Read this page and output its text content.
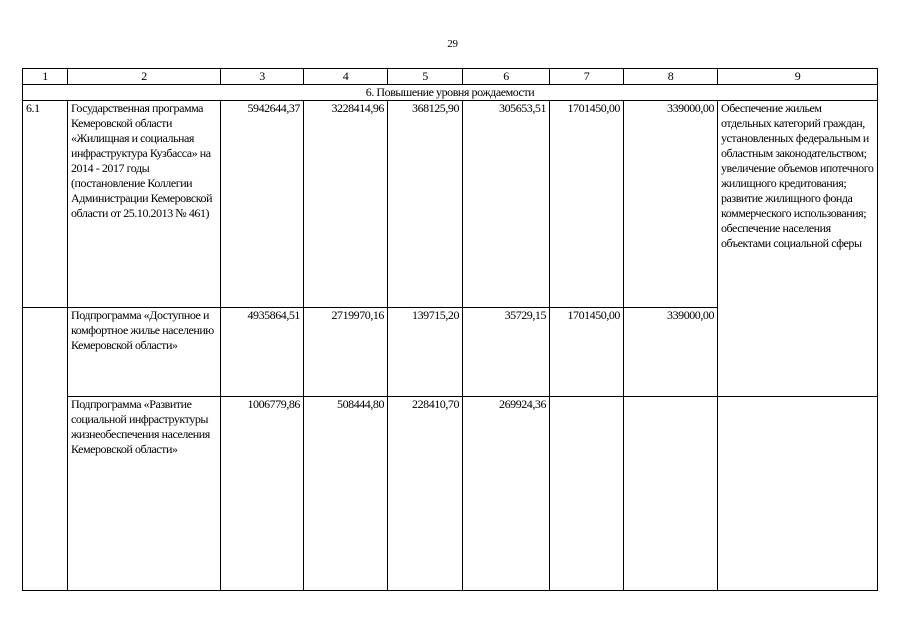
29
1	2	3	4	5	6	7	8	9
6. Повышение уровня рождаемости								
6.1	Государственная программа Кемеровской области «Жилищная и социальная инфраструктура Кузбасса» на 2014 - 2017 годы (постановление Коллегии Администрации Кемеровской области от 25.10.2013 № 461)	5942644,37	3228414,96	368125,90	305653,51	1701450,00	339000,00	Обеспечение жильем отдельных категорий граждан, установленных федеральным и областным законодательством; увеличение объемов ипотечного жилищного кредитования; развитие жилищного фонда коммерческого использования; обеспечение населения объектами социальной сферы
	Подпрограмма «Доступное и комфортное жилье населению Кемеровской области»	4935864,51	2719970,16	139715,20	35729,15	1701450,00	339000,00	
	Подпрограмма «Развитие социальной инфраструктуры жизнеобеспечения населения Кемеровской области»	1006779,86	508444,80	228410,70	269924,36			
